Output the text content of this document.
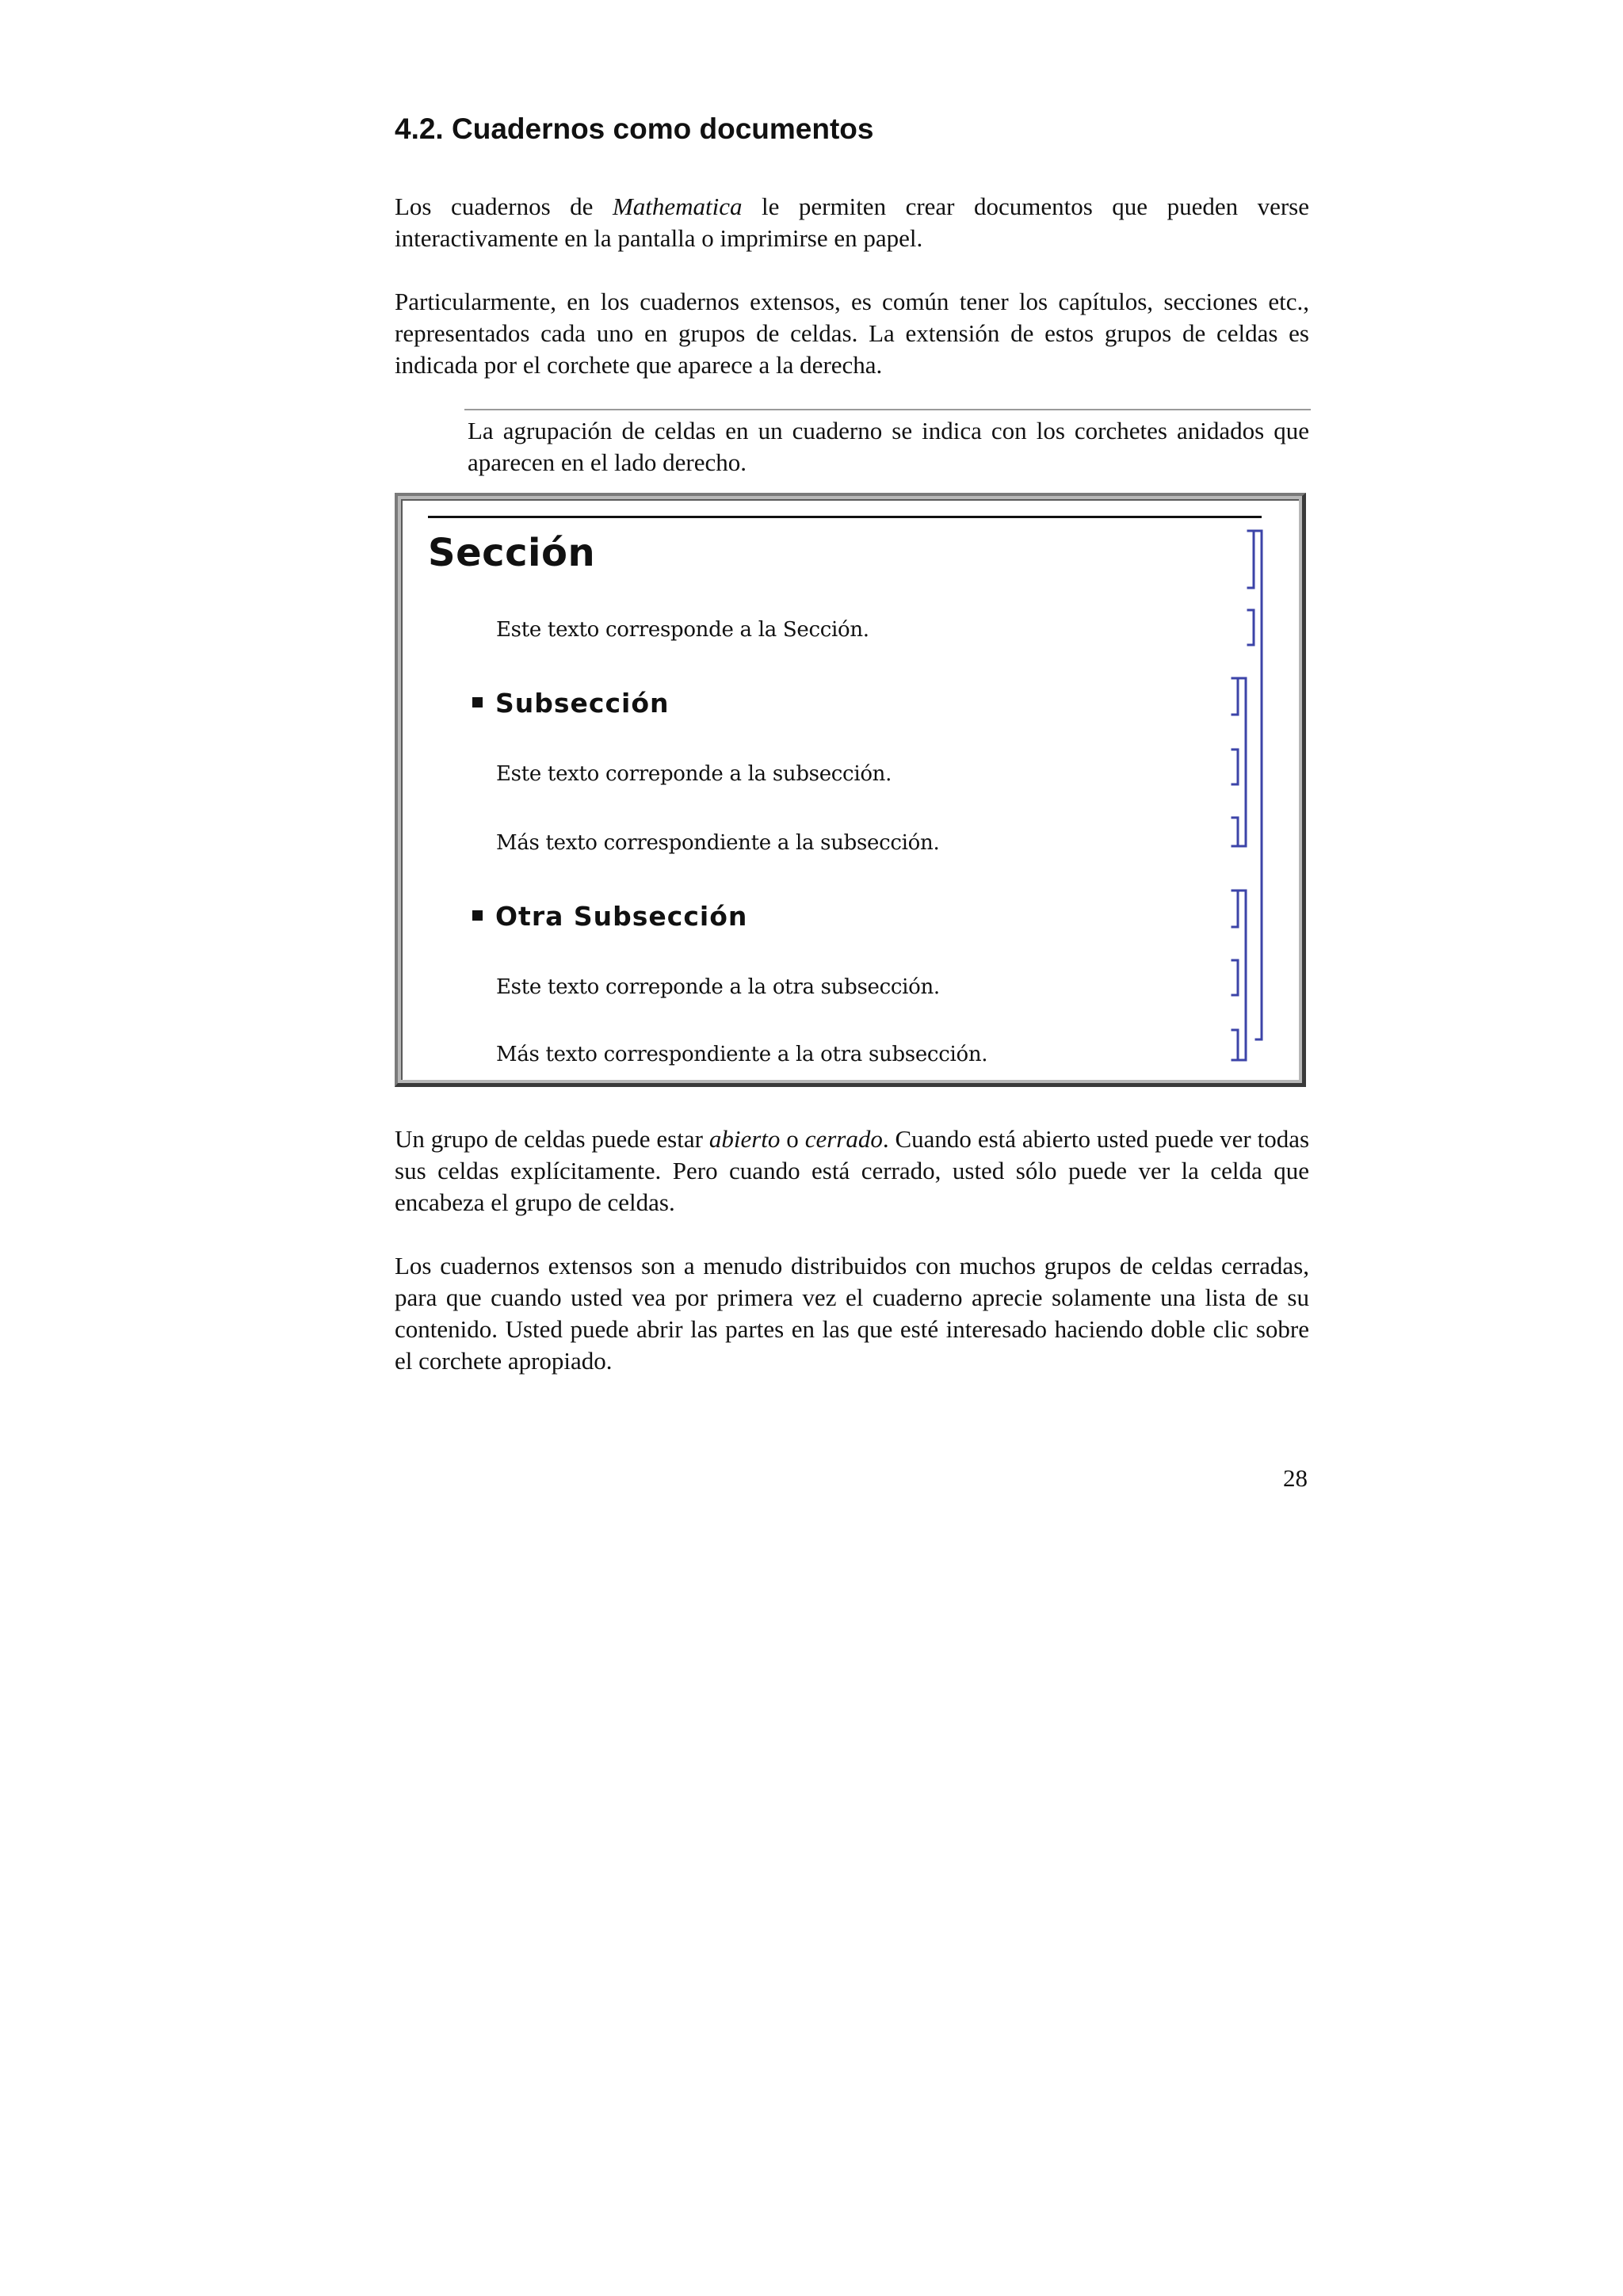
4.2. Cuadernos como documentos

Los cuadernos de Mathematica le permiten crear documentos que pueden verse interactivamente en la pantalla o imprimirse en papel.

Particularmente, en los cuadernos extensos, es común tener los capítulos, secciones etc., representados cada uno en grupos de celdas. La extensión de estos grupos de celdas es indicada por el corchete que aparece a la derecha.

La agrupación de celdas en un cuaderno se indica con los corchetes anidados que aparecen en el lado derecho.

Sección
Este texto corresponde a la Sección.
Subsección
Este texto correponde a la subsección.
Más texto correspondiente a la subsección.
Otra Subsección
Este texto correponde a la otra subsección.
Más texto correspondiente a la otra subsección.

Un grupo de celdas puede estar abierto o cerrado. Cuando está abierto usted puede ver todas sus celdas explícitamente. Pero cuando está cerrado, usted sólo puede ver la celda que encabeza el grupo de celdas.

Los cuadernos extensos son a menudo distribuidos con muchos grupos de celdas cerradas, para que cuando usted vea por primera vez el cuaderno aprecie solamente una lista de su contenido. Usted puede abrir las partes en las que esté interesado haciendo doble clic sobre el corchete apropiado.

28
